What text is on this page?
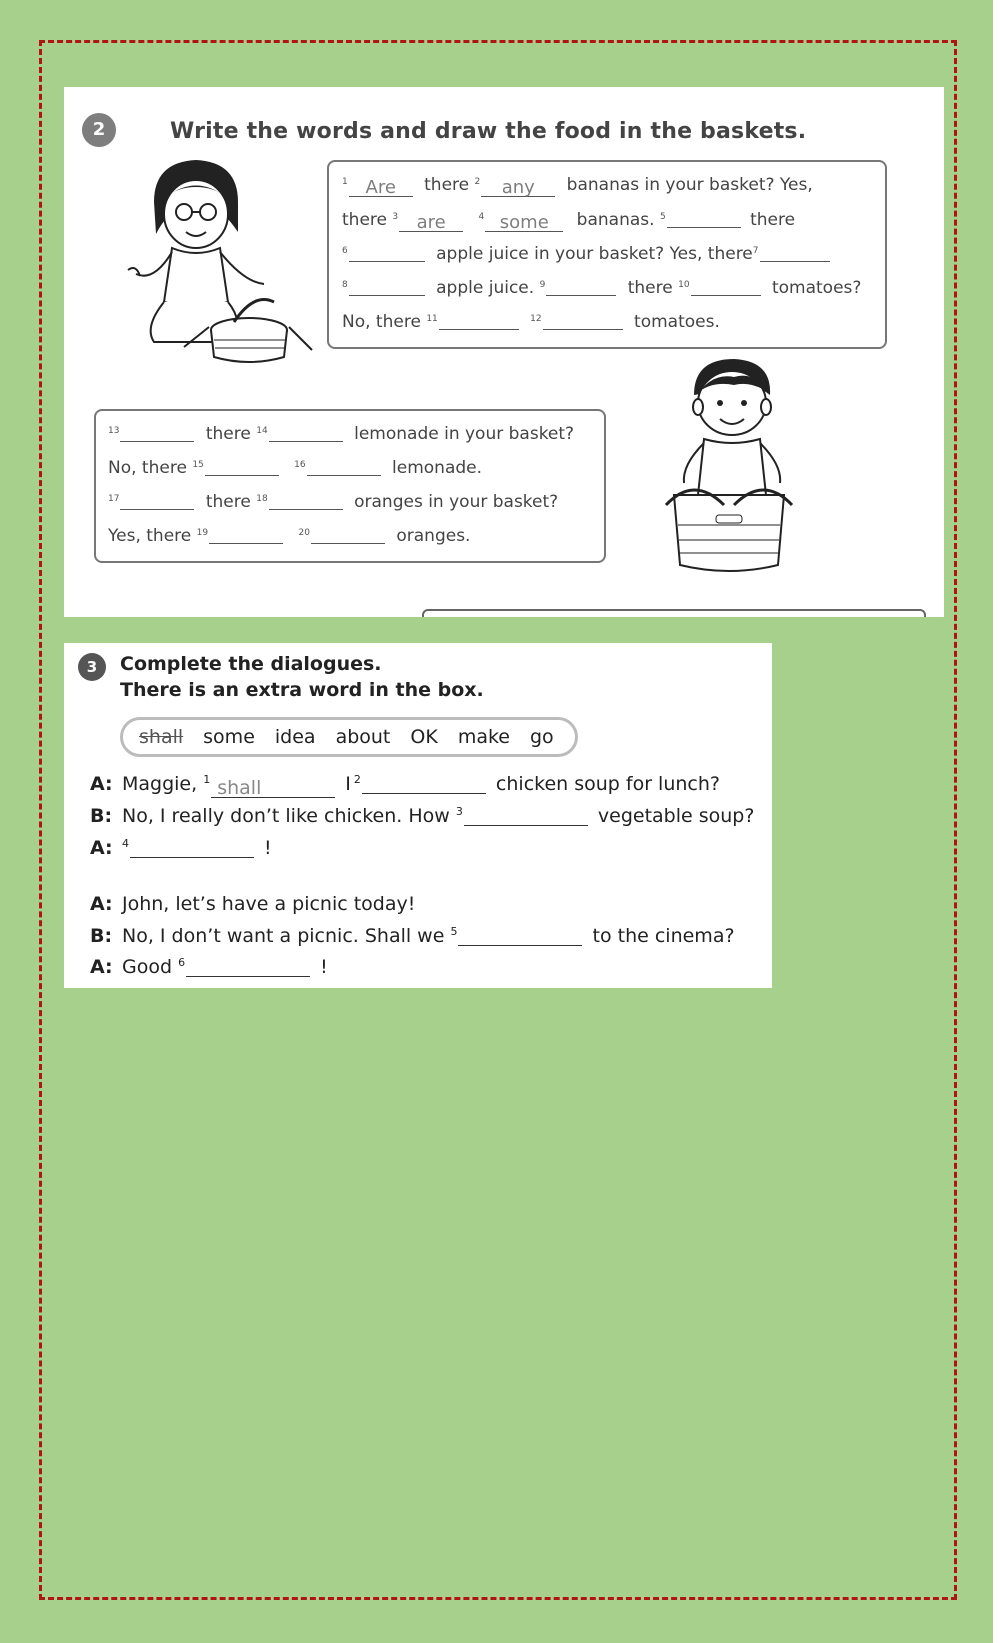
2	Write the words and draw the food in the baskets.
$^1$ Are there $^2$ any bananas in your basket? Yes,
there $^3$ are	$^4$ some bananas. $^5$	there
$^6$	apple juice in your basket? Yes, there$^7$
$^8$	apple juice. $^9$	there $^{10}$	tomatoes?
No, there $^{11}$	$^{12}$	tomatoes.
$^{13}$	there $^{14}$	lemonade in your basket?
No, there $^{15}$	$^{16}$	lemonade.
$^{17}$	there $^{18}$	oranges in your basket?
Yes, there $^{19}$	$^{20}$	oranges.
3	Complete the dialogues.
There is an extra word in the box.
shall some idea about OK make go
A: Maggie, $^1$ shall	I $^2$	chicken soup for lunch?
B: No, I really don’t like chicken. How $^3$	vegetable soup?
A: $^4$	!
A: John, let’s have a picnic today!
B: No, I don’t want a picnic. Shall we $^5$	to the cinema?
A: Good $^6$	!
